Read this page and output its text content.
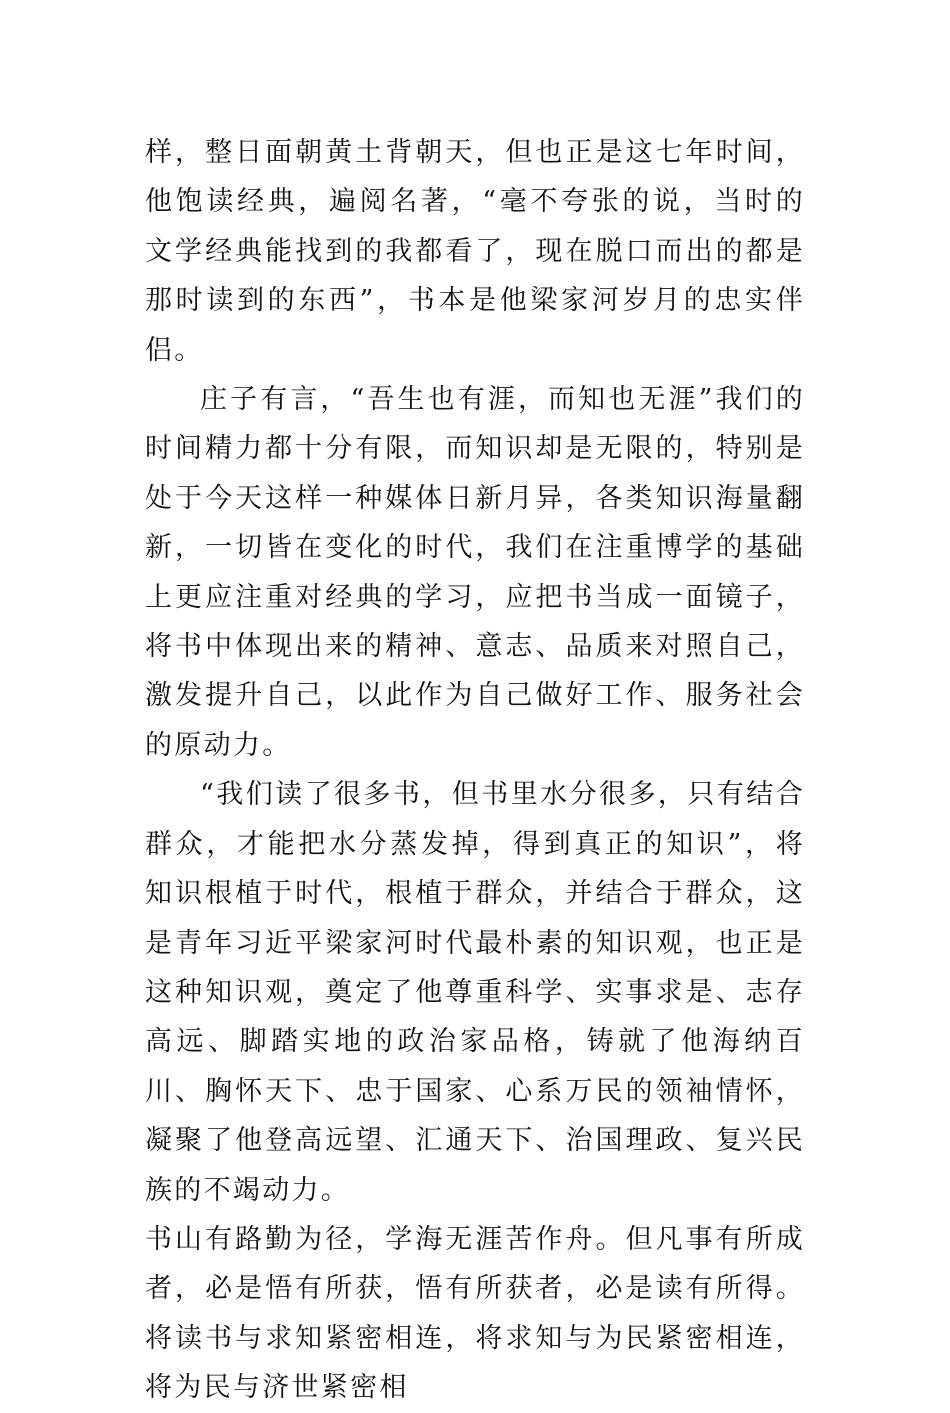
样，整日面朝黄土背朝天，但也正是这七年时间，他饱读经典，遍阅名著，“毫不夸张的说，当时的文学经典能找到的我都看了，现在脱口而出的都是那时读到的东西”，书本是他梁家河岁月的忠实伴侣。

庄子有言，“吾生也有涯，而知也无涯”我们的时间精力都十分有限，而知识却是无限的，特别是处于今天这样一种媒体日新月异，各类知识海量翻新，一切皆在变化的时代，我们在注重博学的基础上更应注重对经典的学习，应把书当成一面镜子，将书中体现出来的精神、意志、品质来对照自己，激发提升自己，以此作为自己做好工作、服务社会的原动力。

“我们读了很多书，但书里水分很多，只有结合群众，才能把水分蒸发掉，得到真正的知识”，将知识根植于时代，根植于群众，并结合于群众，这是青年习近平梁家河时代最朴素的知识观，也正是这种知识观，奠定了他尊重科学、实事求是、志存高远、脚踏实地的政治家品格，铸就了他海纳百川、胸怀天下、忠于国家、心系万民的领袖情怀，凝聚了他登高远望、汇通天下、治国理政、复兴民族的不竭动力。

书山有路勤为径，学海无涯苦作舟。但凡事有所成者，必是悟有所获，悟有所获者，必是读有所得。将读书与求知紧密相连，将求知与为民紧密相连，将为民与济世紧密相
